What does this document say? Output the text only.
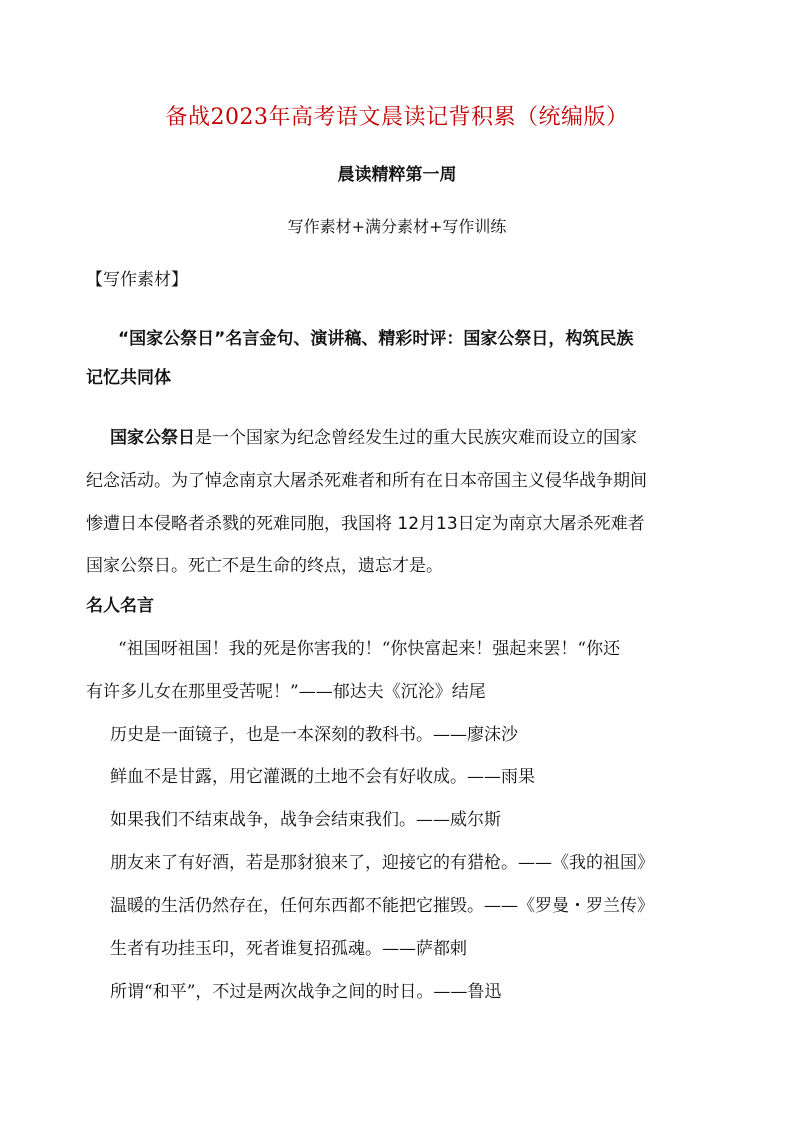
备战2023年高考语文晨读记背积累（统编版）
晨读精粹第一周
写作素材+满分素材+写作训练
【写作素材】
“国家公祭日”名言金句、演讲稿、精彩时评：国家公祭日，构筑民族
记忆共同体
国家公祭日是一个国家为纪念曾经发生过的重大民族灾难而设立的国家
纪念活动。为了悼念南京大屠杀死难者和所有在日本帝国主义侵华战争期间
惨遭日本侵略者杀戮的死难同胞，我国将 12月13日定为南京大屠杀死难者
国家公祭日。死亡不是生命的终点，遗忘才是。
名人名言
“祖国呀祖国！我的死是你害我的！“你快富起来！强起来罢！“你还
有许多儿女在那里受苦呢！”——郁达夫《沉沦》结尾
历史是一面镜子，也是一本深刻的教科书。——廖沫沙
鲜血不是甘露，用它灌溉的土地不会有好收成。——雨果
如果我们不结束战争，战争会结束我们。——威尔斯
朋友来了有好酒，若是那豺狼来了，迎接它的有猎枪。——《我的祖国》
温暖的生活仍然存在，任何东西都不能把它摧毁。——《罗曼・罗兰传》
生者有功挂玉印，死者谁复招孤魂。——萨都剌
所谓“和平”，不过是两次战争之间的时日。——鲁迅
